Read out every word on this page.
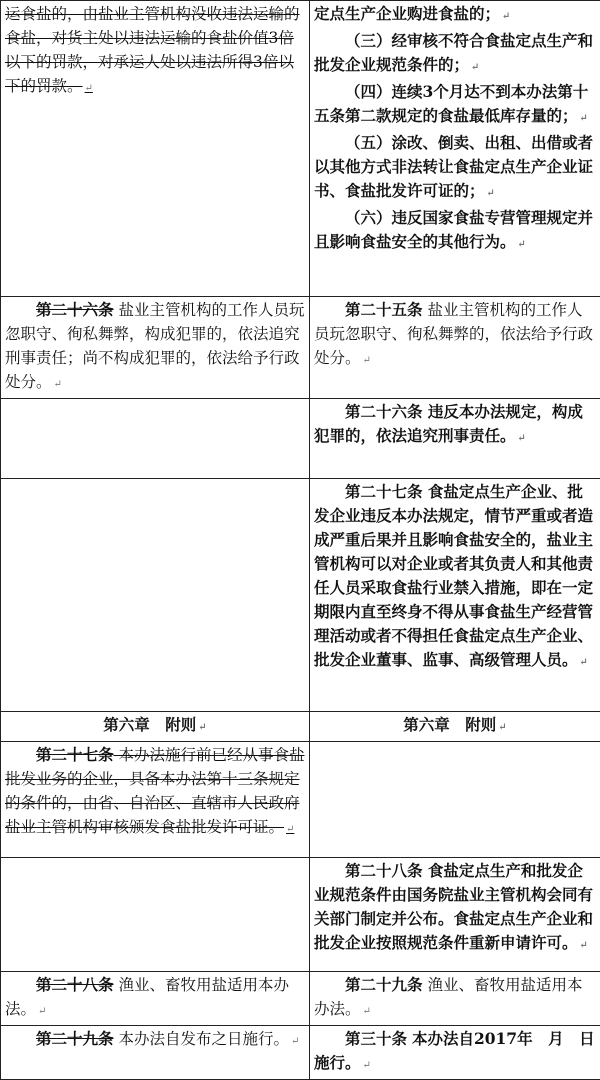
运食盐的，由盐业主管机构没收违法运输的食盐，对货主处以违法运输的食盐价值3倍以下的罚款，对承运人处以违法所得3倍以下的罚款。 ↵	定点生产企业购进食盐的； ↵

（三）经审核不符合食盐定点生产和批发企业规范条件的； ↵

（四）连续3个月达不到本办法第十五条第二款规定的食盐最低库存量的； ↵

（五）涂改、倒卖、出租、出借或者以其他方式非法转让食盐定点生产企业证书、食盐批发许可证的； ↵

（六）违反国家食盐专营管理规定并且影响食盐安全的其他行为。 ↵

第二十六条 盐业主管机构的工作人员玩忽职守、徇私舞弊，构成犯罪的，依法追究刑事责任；尚不构成犯罪的，依法给予行政处分。 ↵	第二十五条 盐业主管机构的工作人员玩忽职守、徇私舞弊的，依法给予行政处分。 ↵

	第二十六条 违反本办法规定，构成犯罪的，依法追究刑事责任。 ↵

	第二十七条 食盐定点生产企业、批发企业违反本办法规定，情节严重或者造成严重后果并且影响食盐安全的，盐业主管机构可以对企业或者其负责人和其他责任人员采取食盐行业禁入措施，即在一定期限内直至终身不得从事食盐生产经营管理活动或者不得担任食盐定点生产企业、批发企业董事、监事、高级管理人员。 ↵

第六章　附则 ↵	第六章　附则 ↵

第二十七条 本办法施行前已经从事食盐批发业务的企业，具备本办法第十三条规定的条件的，由省、自治区、直辖市人民政府盐业主管机构审核颁发食盐批发许可证。 ↵	

	第二十八条 食盐定点生产和批发企业规范条件由国务院盐业主管机构会同有关部门制定并公布。食盐定点生产企业和批发企业按照规范条件重新申请许可。 ↵

第二十八条 渔业、畜牧用盐适用本办法。 ↵	第二十九条 渔业、畜牧用盐适用本办法。 ↵

第二十九条 本办法自发布之日施行。 ↵	第三十条 本办法自2017年　月　日施行。 ↵
